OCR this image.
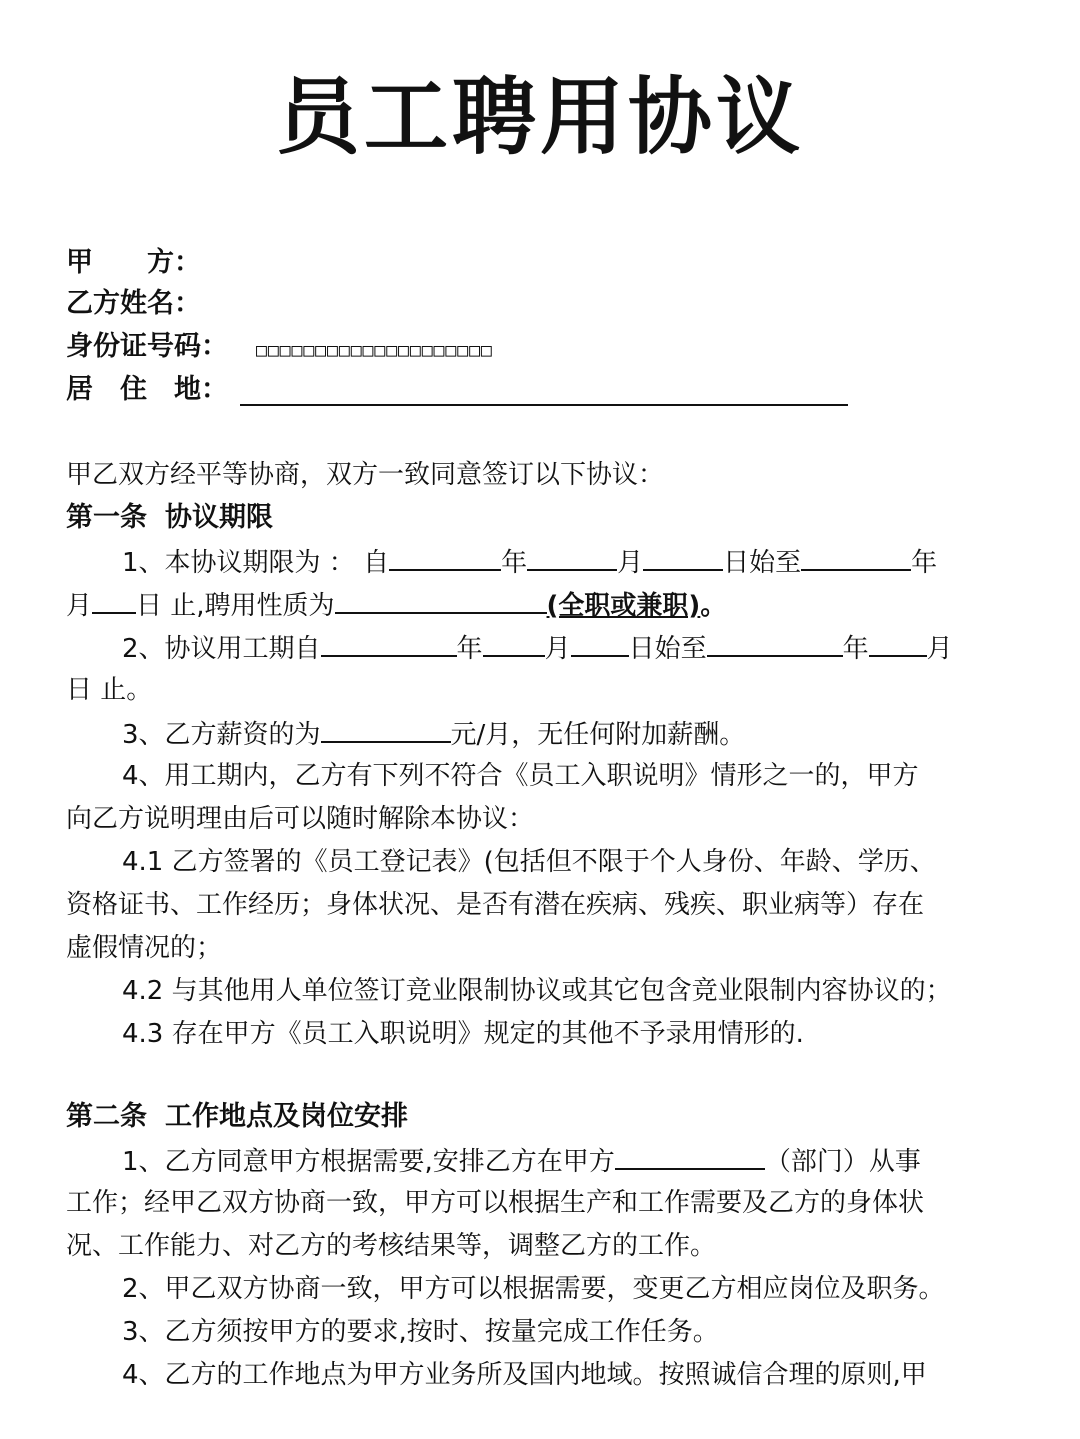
员工聘用协议
甲　　方：
乙方姓名：
身份证号码： □□□□□□□□□□□□□□□□□□□□
居　住　地：
甲乙双方经平等协商，双方一致同意签订以下协议：
第一条 协议期限
1、本协议期限为 ： 自	年	月	日始至	年
月 日 止,聘用性质为	(全职或兼职)。
2、协议用工期自	年 月 日始至	年 月
日 止。
3、乙方薪资的为	元/月，无任何附加薪酬。
4、用工期内，乙方有下列不符合《员工入职说明》情形之一的，甲方
向乙方说明理由后可以随时解除本协议：
4.1 乙方签署的《员工登记表》(包括但不限于个人身份、年龄、学历、
资格证书、工作经历；身体状况、是否有潜在疾病、残疾、职业病等）存在
虚假情况的；
4.2 与其他用人单位签订竞业限制协议或其它包含竞业限制内容协议的；
4.3 存在甲方《员工入职说明》规定的其他不予录用情形的.
第二条 工作地点及岗位安排
1、乙方同意甲方根据需要,安排乙方在甲方	（部门）从事
工作；经甲乙双方协商一致，甲方可以根据生产和工作需要及乙方的身体状
况、工作能力、对乙方的考核结果等，调整乙方的工作。
2、甲乙双方协商一致，甲方可以根据需要，变更乙方相应岗位及职务。
3、乙方须按甲方的要求,按时、按量完成工作任务。
4、乙方的工作地点为甲方业务所及国内地域。按照诚信合理的原则,甲
